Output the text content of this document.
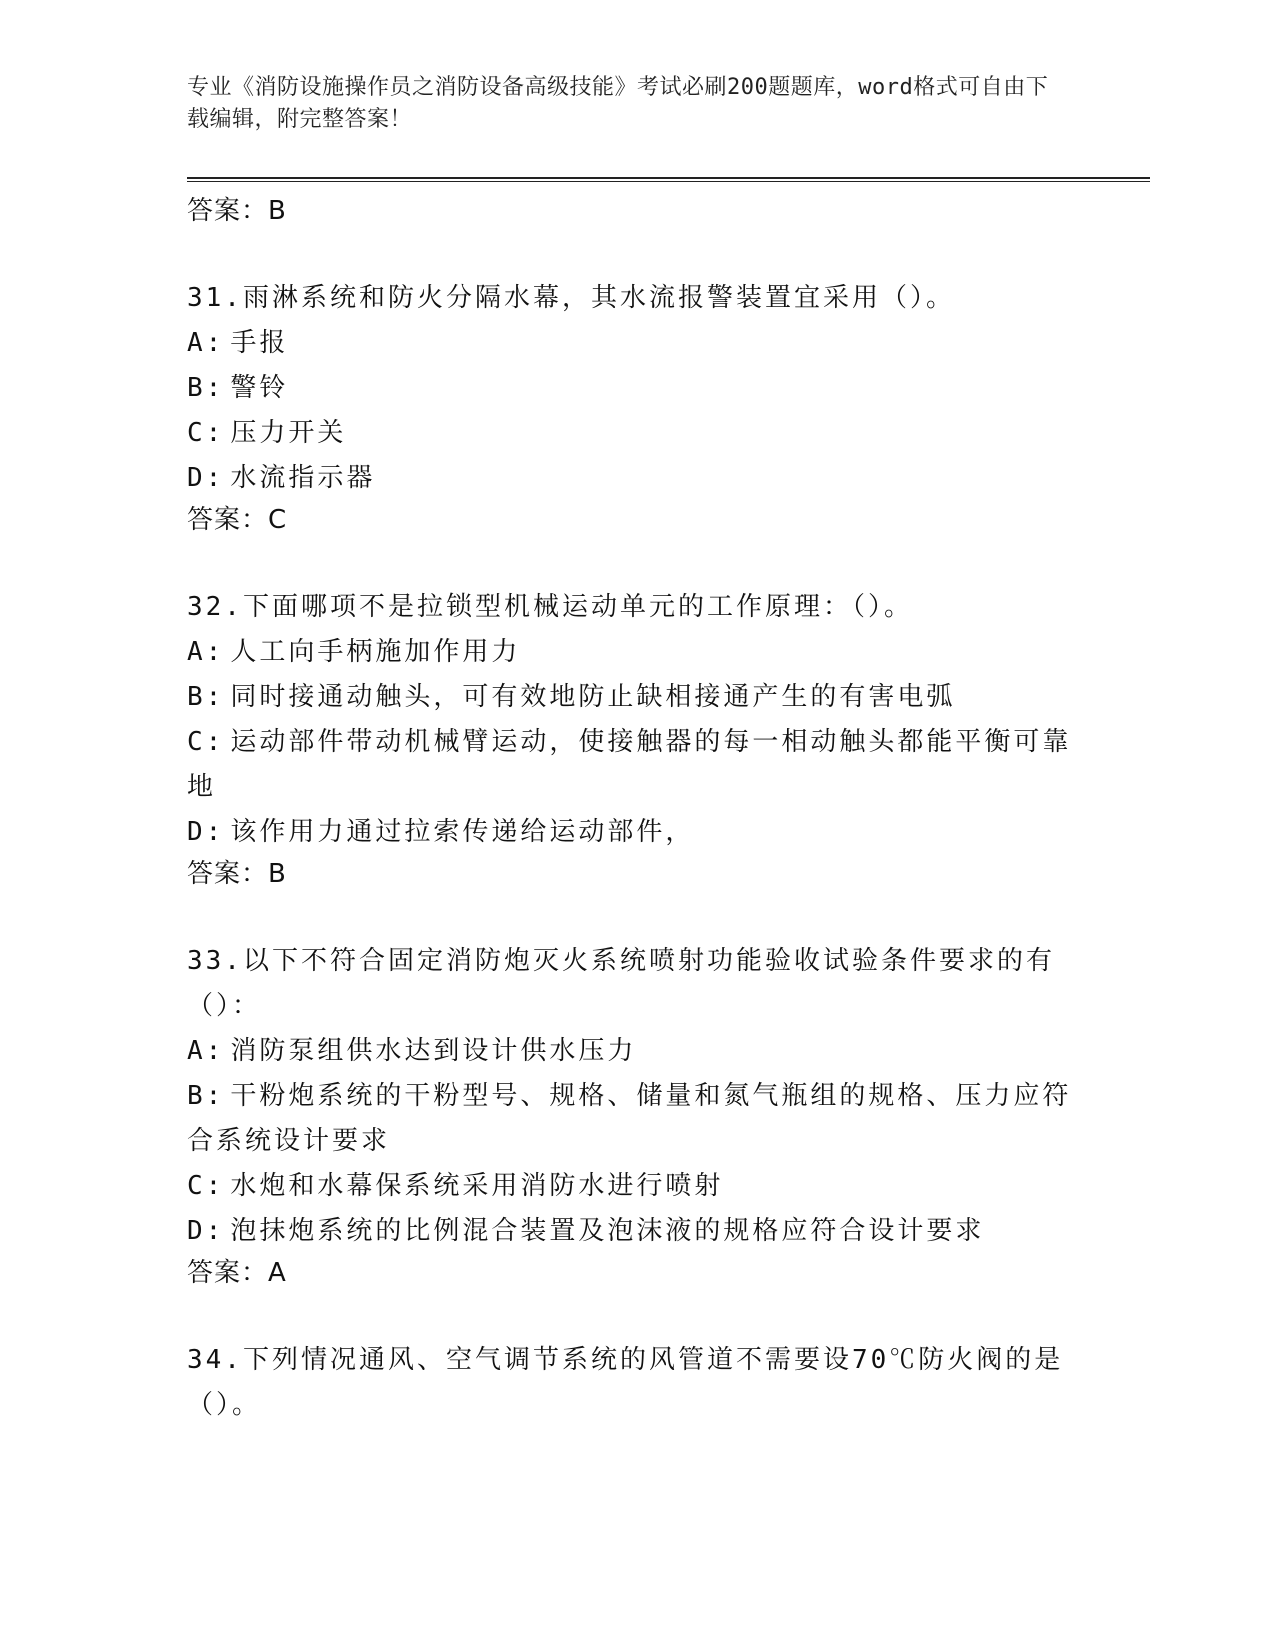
专业《消防设施操作员之消防设备高级技能》考试必刷200题题库，word格式可自由下载编辑，附完整答案！

答案：B

31.雨淋系统和防火分隔水幕，其水流报警装置宜采用（）。

A: 手报

B: 警铃

C: 压力开关

D: 水流指示器

答案：C

32.下面哪项不是拉锁型机械运动单元的工作原理：（）。

A: 人工向手柄施加作用力

B: 同时接通动触头，可有效地防止缺相接通产生的有害电弧

C: 运动部件带动机械臂运动，使接触器的每一相动触头都能平衡可靠地

D: 该作用力通过拉索传递给运动部件，

答案：B

33.以下不符合固定消防炮灭火系统喷射功能验收试验条件要求的有（）：

A: 消防泵组供水达到设计供水压力

B: 干粉炮系统的干粉型号、规格、储量和氮气瓶组的规格、压力应符合系统设计要求

C: 水炮和水幕保系统采用消防水进行喷射

D: 泡抹炮系统的比例混合装置及泡沫液的规格应符合设计要求

答案：A

34.下列情况通风、空气调节系统的风管道不需要设70℃防火阀的是（）。
